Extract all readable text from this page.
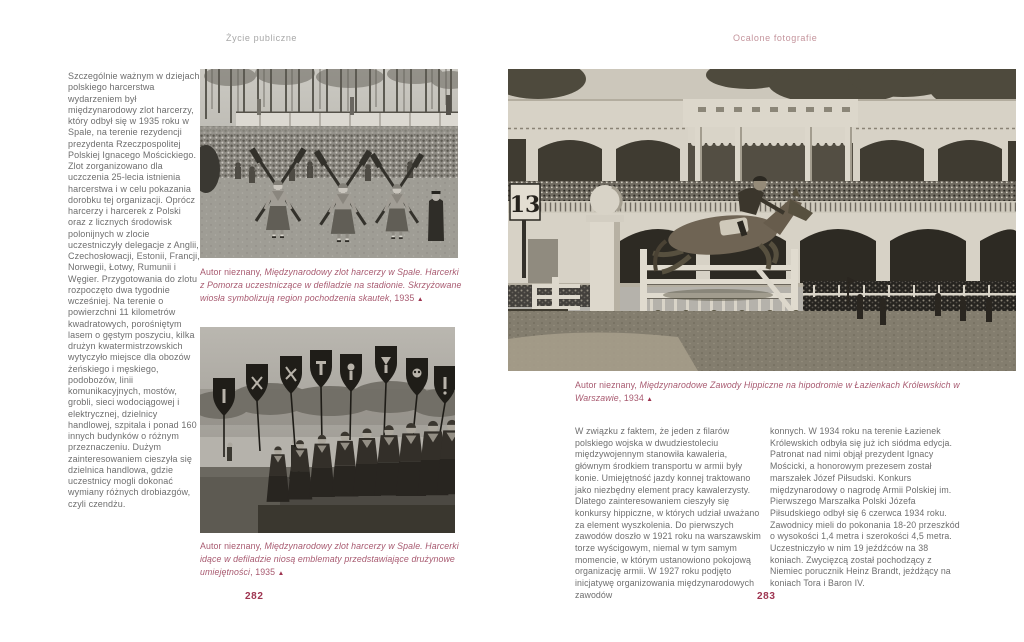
Życie publiczne
Szczególnie ważnym w dziejach polskiego harcerstwa wydarzeniem był międzynarodowy zlot harcerzy, który odbył się w 1935 roku w Spale, na terenie rezydencji prezydenta Rzeczpospolitej Polskiej Ignacego Mościckiego. Zlot zorganizowano dla uczczenia 25-lecia istnienia harcerstwa i w celu pokazania dorobku tej organizacji. Oprócz harcerzy i harcerek z Polski oraz z licznych środowisk polonijnych w zlocie uczestniczyły delegacje z Anglii, Czechosłowacji, Estonii, Francji, Norwegii, Łotwy, Rumunii i Węgier. Przygotowania do zlotu rozpoczęto dwa tygodnie wcześniej. Na terenie o powierzchni 11 kilometrów kwadratowych, porośniętym lasem o gęstym poszyciu, kilka drużyn kwatermistrzowskich wytyczyło miejsce dla obozów żeńskiego i męskiego, podobozów, linii komunikacyjnych, mostów, grobli, sieci wodociągowej i elektrycznej, dzielnicy handlowej, szpitala i ponad 160 innych budynków o różnym przeznaczeniu. Dużym zainteresowaniem cieszyła się dzielnica handlowa, gdzie uczestnicy mogli dokonać wymiany różnych drobiazgów, czyli czendżu.
Autor nieznany, Międzynarodowy zlot harcerzy w Spale. Harcerki z Pomorza uczestniczące w defiladzie na stadionie. Skrzyżowane wiosła symbolizują region pochodzenia skautek, 1935 ▲
Autor nieznany, Międzynarodowy zlot harcerzy w Spale. Harcerki idące w defiladzie niosą emblematy przedstawiające drużynowe umiejętności, 1935 ▲
282
Ocalone fotografie
13
Autor nieznany, Międzynarodowe Zawody Hippiczne na hipodromie w Łazienkach Królewskich w Warszawie, 1934 ▲
W związku z faktem, że jeden z filarów polskiego wojska w dwudziestoleciu międzywojennym stanowiła kawaleria, głównym środkiem transportu w armii były konie. Umiejętność jazdy konnej traktowano jako niezbędny element pracy kawalerzysty. Dlatego zainteresowaniem cieszyły się konkursy hippiczne, w których udział uważano za element wyszkolenia. Do pierwszych zawodów doszło w 1921 roku na warszawskim torze wyścigowym, niemal w tym samym momencie, w którym ustanowiono pokojową organizację armii. W 1927 roku podjęto inicjatywę organizowania międzynarodowych zawodów
konnych. W 1934 roku na terenie Łazienek Królewskich odbyła się już ich siódma edycja. Patronat nad nimi objął prezydent Ignacy Mościcki, a honorowym prezesem został marszałek Józef Piłsudski. Konkurs międzynarodowy o nagrodę Armii Polskiej im. Pierwszego Marszałka Polski Józefa Piłsudskiego odbył się 6 czerwca 1934 roku. Zawodnicy mieli do pokonania 18-20 przeszkód o wysokości 1,4 metra i szerokości 4,5 metra. Uczestniczyło w nim 19 jeźdźców na 38 koniach. Zwycięzcą został pochodzący z Niemiec porucznik Heinz Brandt, jeżdżący na koniach Tora i Baron IV.
283
